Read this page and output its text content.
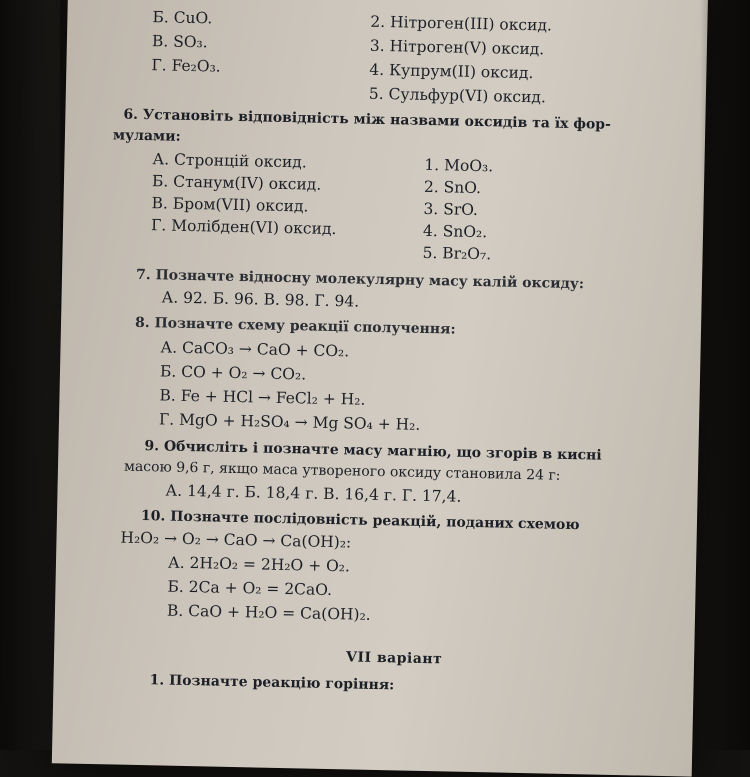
Б. CuO.
В. SO₃.
Г. Fe₂O₃.
2. Нітроген(III) оксид.
3. Нітроген(V) оксид.
4. Купрум(II) оксид.
5. Сульфур(VI) оксид.
6. Установіть відповідність між назвами оксидів та їх фор-
мулами:
А. Стронцій оксид.
Б. Станум(IV) оксид.
В. Бром(VII) оксид.
Г. Молібден(VI) оксид.
1. MoO₃.
2. SnO.
3. SrO.
4. SnO₂.
5. Br₂O₇.
7. Позначте відносну молекулярну масу калій оксиду:
А. 92. Б. 96. В. 98. Г. 94.
8. Позначте схему реакції сполучення:
А. CaCO₃ → CaO + CO₂.
Б. CO + O₂ → CO₂.
В. Fe + HCl → FeCl₂ + H₂.
Г. MgO + H₂SO₄ → Mg SO₄ + H₂.
9. Обчисліть і позначте масу магнію, що згорів в кисні
масою 9,6 г, якщо маса утвореного оксиду становила 24 г:
А. 14,4 г. Б. 18,4 г. В. 16,4 г. Г. 17,4.
10. Позначте послідовність реакцій, поданих схемою
H₂O₂ → O₂ → CaO → Ca(OH)₂:
А. 2H₂O₂ = 2H₂O + O₂.
Б. 2Ca + O₂ = 2CaO.
В. CaO + H₂O = Ca(OH)₂.
VII варіант
1. Позначте реакцію горіння:
